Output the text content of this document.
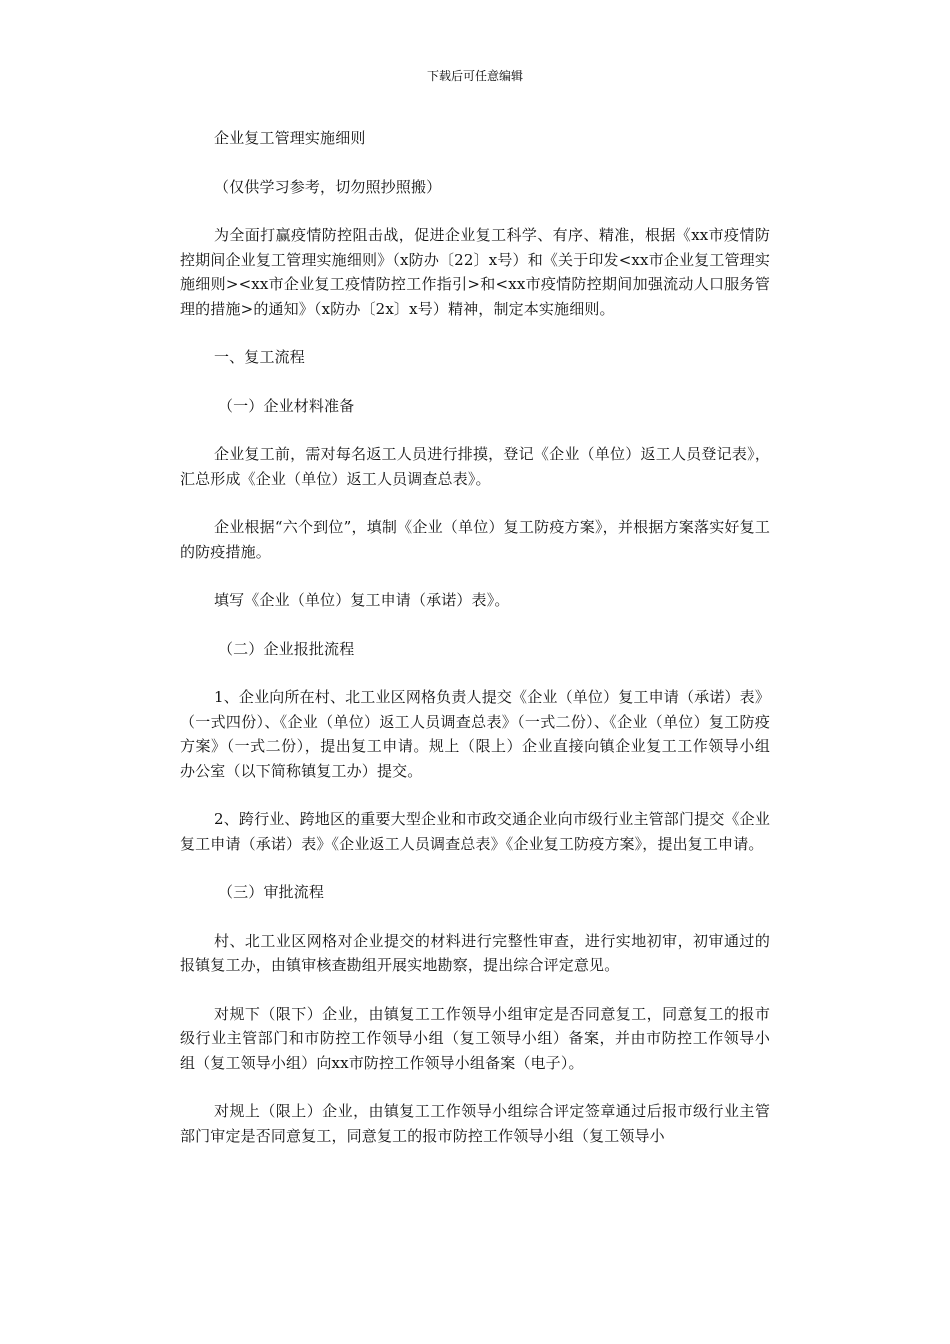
下载后可任意编辑

企业复工管理实施细则

（仅供学习参考，切勿照抄照搬）

为全面打赢疫情防控阻击战，促进企业复工科学、有序、精准，根据《xx市疫情防控期间企业复工管理实施细则》（x防办〔22〕x号）和《关于印发<xx市企业复工管理实施细则><xx市企业复工疫情防控工作指引>和<xx市疫情防控期间加强流动人口服务管理的措施>的通知》（x防办〔2x〕x号）精神，制定本实施细则。

一、复工流程

（一）企业材料准备

企业复工前，需对每名返工人员进行排摸，登记《企业（单位）返工人员登记表》，汇总形成《企业（单位）返工人员调查总表》。

企业根据“六个到位”，填制《企业（单位）复工防疫方案》，并根据方案落实好复工的防疫措施。

填写《企业（单位）复工申请（承诺）表》。

（二）企业报批流程

1、企业向所在村、北工业区网格负责人提交《企业（单位）复工申请（承诺）表》（一式四份）、《企业（单位）返工人员调查总表》（一式二份）、《企业（单位）复工防疫方案》（一式二份），提出复工申请。规上（限上）企业直接向镇企业复工工作领导小组办公室（以下简称镇复工办）提交。

2、跨行业、跨地区的重要大型企业和市政交通企业向市级行业主管部门提交《企业复工申请（承诺）表》《企业返工人员调查总表》《企业复工防疫方案》，提出复工申请。

（三）审批流程

村、北工业区网格对企业提交的材料进行完整性审查，进行实地初审，初审通过的报镇复工办，由镇审核查勘组开展实地勘察，提出综合评定意见。

对规下（限下）企业，由镇复工工作领导小组审定是否同意复工，同意复工的报市级行业主管部门和市防控工作领导小组（复工领导小组）备案，并由市防控工作领导小组（复工领导小组）向xx市防控工作领导小组备案（电子）。

对规上（限上）企业，由镇复工工作领导小组综合评定签章通过后报市级行业主管部门审定是否同意复工，同意复工的报市防控工作领导小组（复工领导小
